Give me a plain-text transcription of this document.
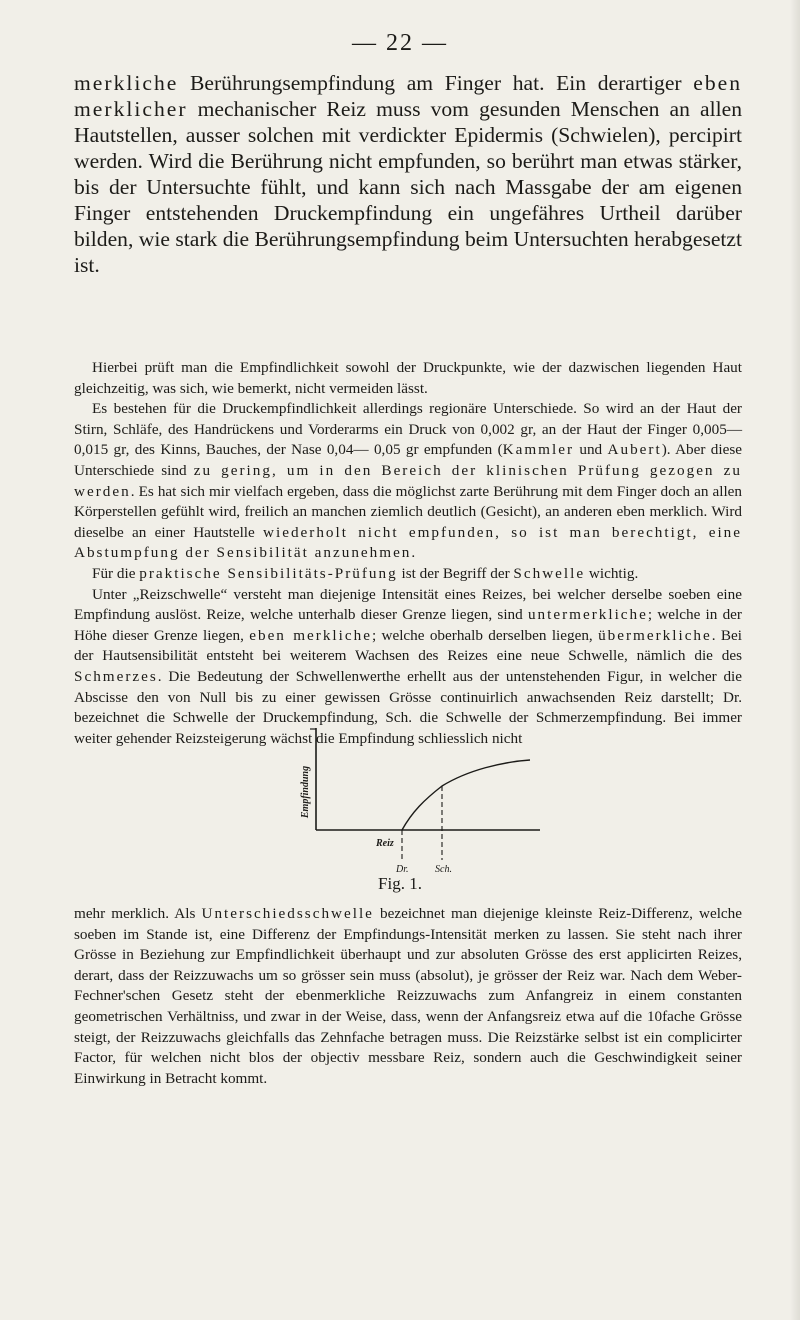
— 22 —

merkliche Berührungsempfindung am Finger hat. Ein derartiger eben merklicher mechanischer Reiz muss vom gesunden Menschen an allen Hautstellen, ausser solchen mit verdickter Epidermis (Schwielen), percipirt werden. Wird die Berührung nicht empfunden, so berührt man etwas stärker, bis der Untersuchte fühlt, und kann sich nach Massgabe der am eigenen Finger entstehenden Druckempfindung ein ungefähres Urtheil darüber bilden, wie stark die Berührungsempfindung beim Untersuchten herabgesetzt ist.

Hierbei prüft man die Empfindlichkeit sowohl der Druckpunkte, wie der dazwischen liegenden Haut gleichzeitig, was sich, wie bemerkt, nicht vermeiden lässt.

Es bestehen für die Druckempfindlichkeit allerdings regionäre Unterschiede. So wird an der Haut der Stirn, Schläfe, des Handrückens und Vorderarms ein Druck von 0,002 gr, an der Haut der Finger 0,005—0,015 gr, des Kinns, Bauches, der Nase 0,04— 0,05 gr empfunden (Kammler und Aubert). Aber diese Unterschiede sind zu gering, um in den Bereich der klinischen Prüfung gezogen zu werden. Es hat sich mir vielfach ergeben, dass die möglichst zarte Berührung mit dem Finger doch an allen Körperstellen gefühlt wird, freilich an manchen ziemlich deutlich (Gesicht), an anderen eben merklich. Wird dieselbe an einer Hautstelle wiederholt nicht empfunden, so ist man berechtigt, eine Abstumpfung der Sensibilität anzunehmen.

Für die praktische Sensibilitäts-Prüfung ist der Begriff der Schwelle wichtig.

Unter „Reizschwelle“ versteht man diejenige Intensität eines Reizes, bei welcher derselbe soeben eine Empfindung auslöst. Reize, welche unterhalb dieser Grenze liegen, sind untermerkliche; welche in der Höhe dieser Grenze liegen, eben merkliche; welche oberhalb derselben liegen, übermerkliche. Bei der Hautsensibilität entsteht bei weiterem Wachsen des Reizes eine neue Schwelle, nämlich die des Schmerzes. Die Bedeutung der Schwellenwerthe erhellt aus der untenstehenden Figur, in welcher die Abscisse den von Null bis zu einer gewissen Grösse continuirlich anwachsenden Reiz darstellt; Dr. bezeichnet die Schwelle der Druckempfindung, Sch. die Schwelle der Schmerzempfindung. Bei immer weiter gehender Reizsteigerung wächst die Empfindung schliesslich nicht

Empfindung
Reiz
Dr.	Sch.
Fig. 1.

mehr merklich. Als Unterschiedsschwelle bezeichnet man diejenige kleinste Reiz-Differenz, welche soeben im Stande ist, eine Differenz der Empfindungs-Intensität merken zu lassen. Sie steht nach ihrer Grösse in Beziehung zur Empfindlichkeit überhaupt und zur absoluten Grösse des erst applicirten Reizes, derart, dass der Reizzuwachs um so grösser sein muss (absolut), je grösser der Reiz war. Nach dem Weber-Fechner'schen Gesetz steht der ebenmerkliche Reizzuwachs zum Anfangreiz in einem constanten geometrischen Verhältniss, und zwar in der Weise, dass, wenn der Anfangsreiz etwa auf die 10fache Grösse steigt, der Reizzuwachs gleichfalls das Zehnfache betragen muss. Die Reizstärke selbst ist ein complicirter Factor, für welchen nicht blos der objectiv messbare Reiz, sondern auch die Geschwindigkeit seiner Einwirkung in Betracht kommt.
